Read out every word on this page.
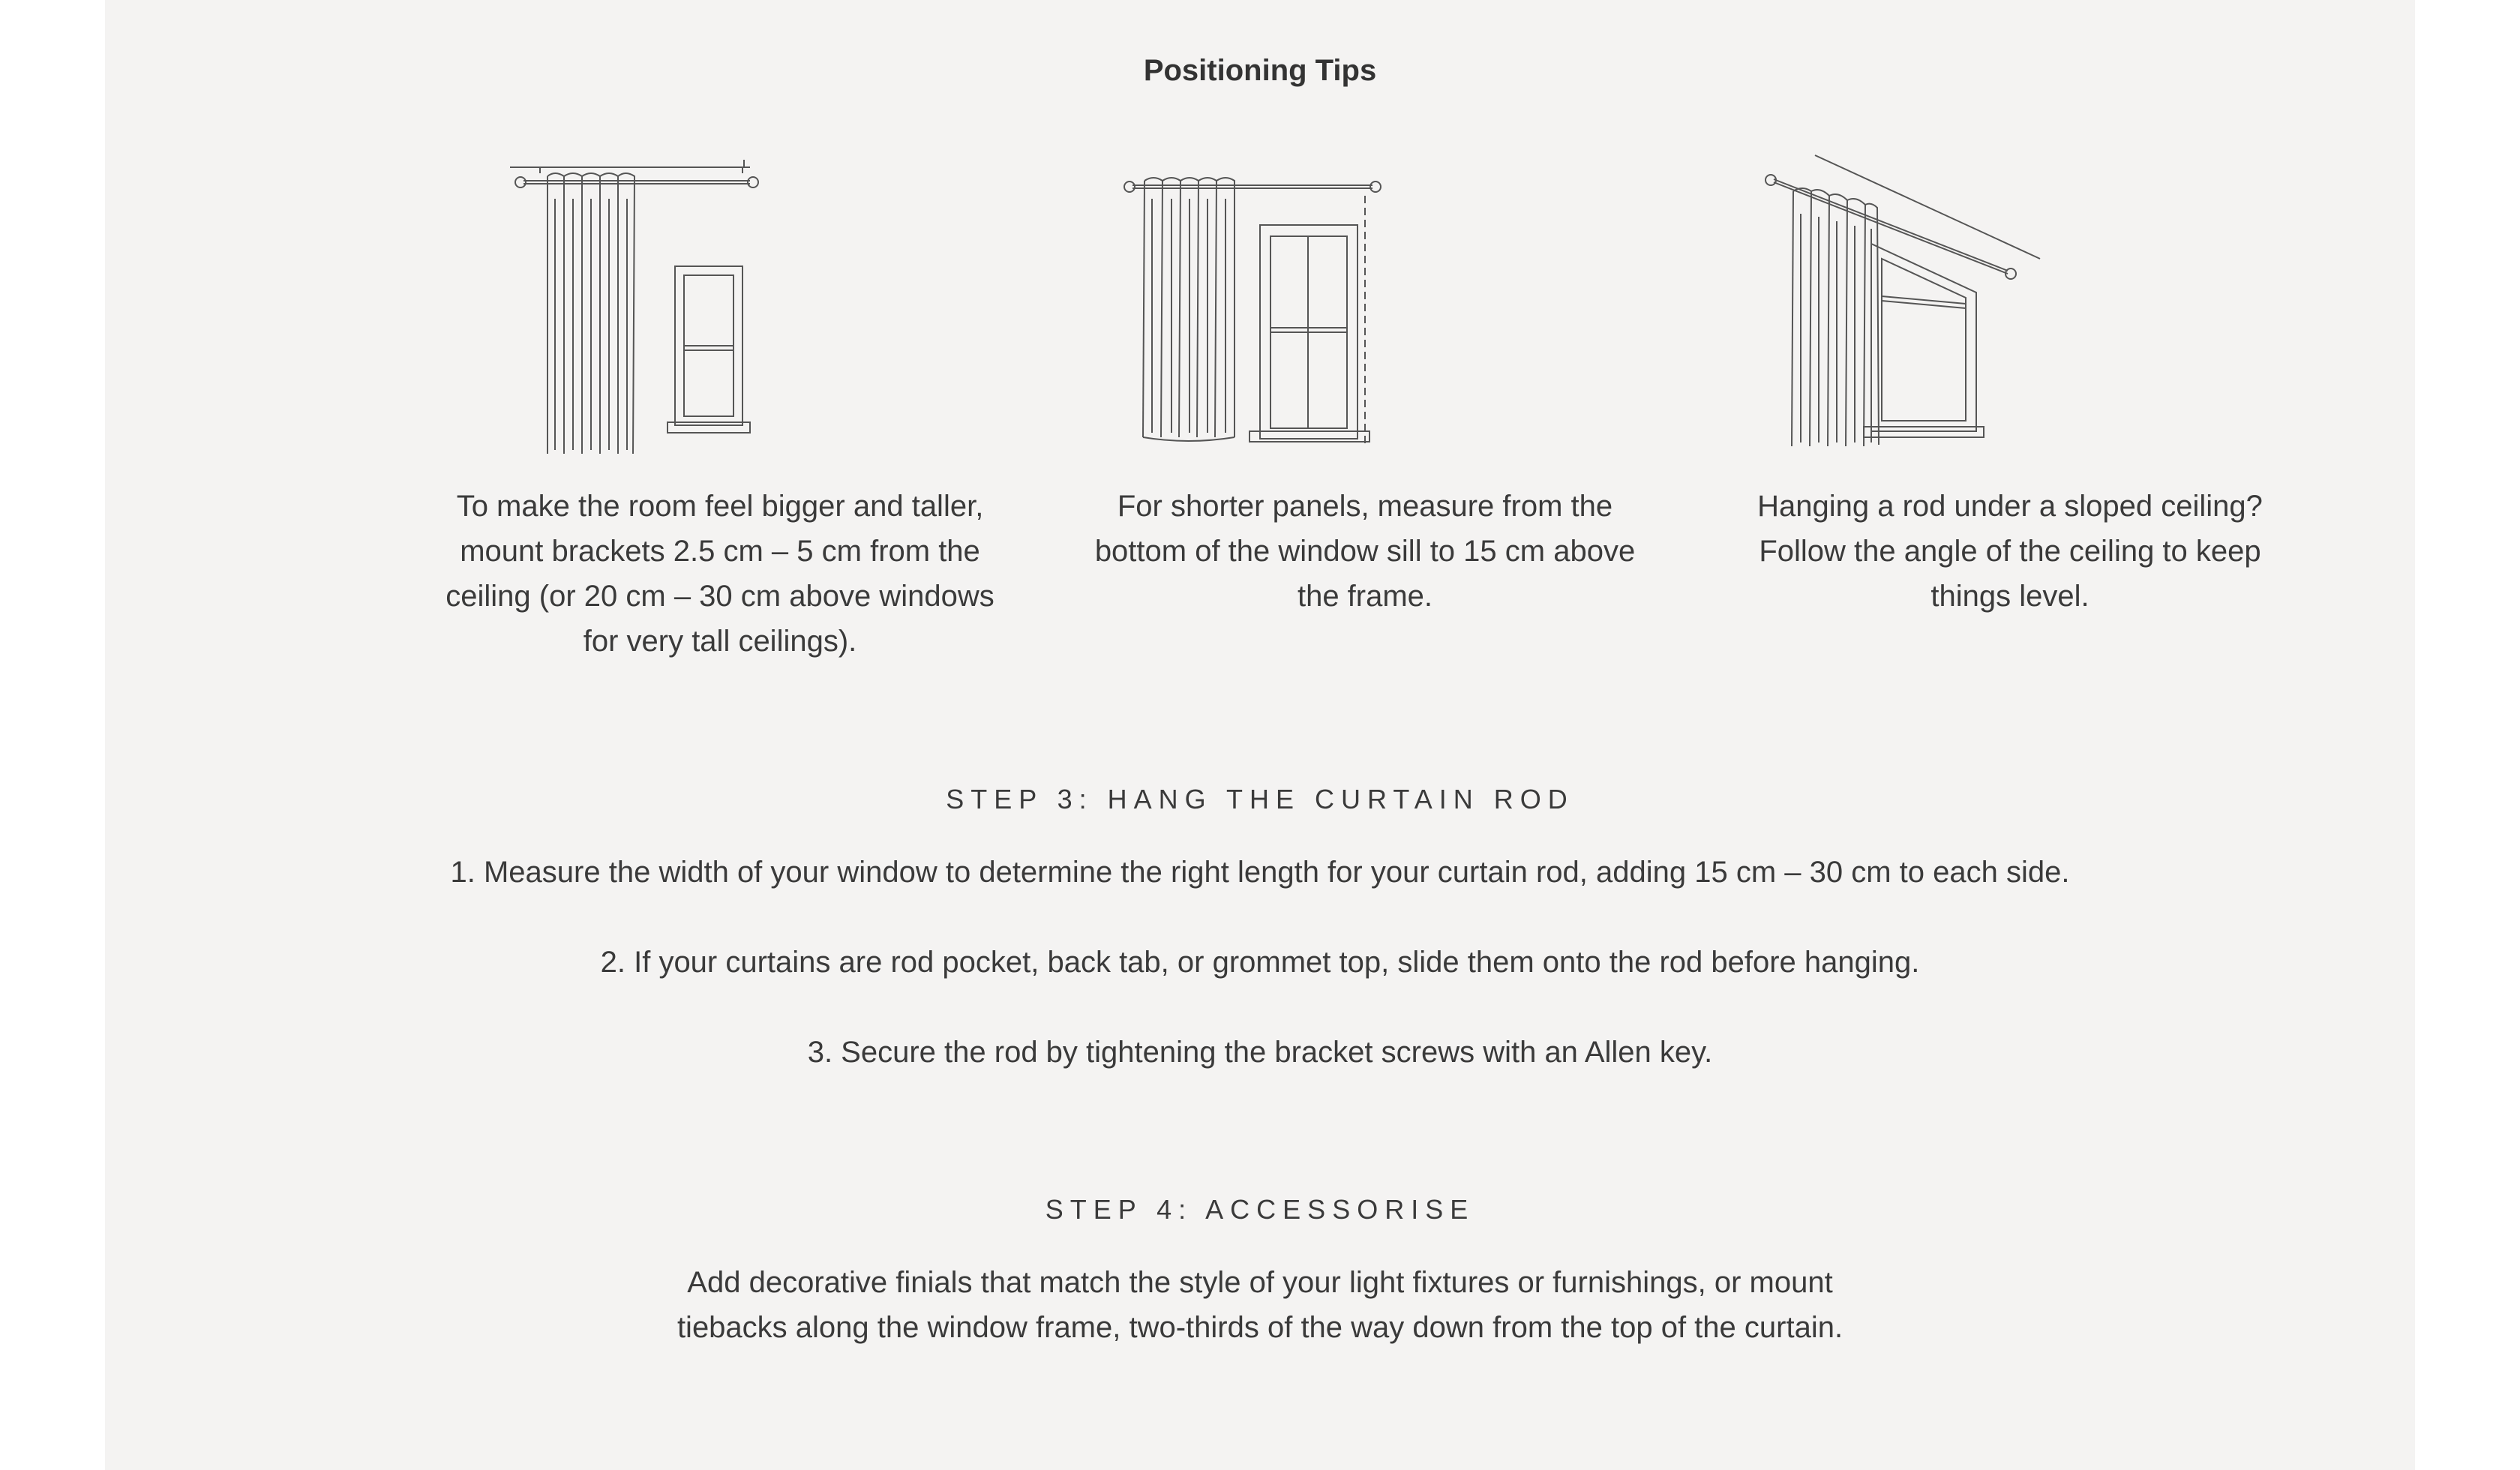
Positioning Tips

To make the room feel bigger and taller, mount brackets 2.5 cm – 5 cm from the ceiling (or 20 cm – 30 cm above windows for very tall ceilings).

For shorter panels, measure from the bottom of the window sill to 15 cm above the frame.

Hanging a rod under a sloped ceiling? Follow the angle of the ceiling to keep things level.

STEP 3: HANG THE CURTAIN ROD

1. Measure the width of your window to determine the right length for your curtain rod, adding 15 cm – 30 cm to each side.

2. If your curtains are rod pocket, back tab, or grommet top, slide them onto the rod before hanging.

3. Secure the rod by tightening the bracket screws with an Allen key.

STEP 4: ACCESSORISE

Add decorative finials that match the style of your light fixtures or furnishings, or mount tiebacks along the window frame, two-thirds of the way down from the top of the curtain.
